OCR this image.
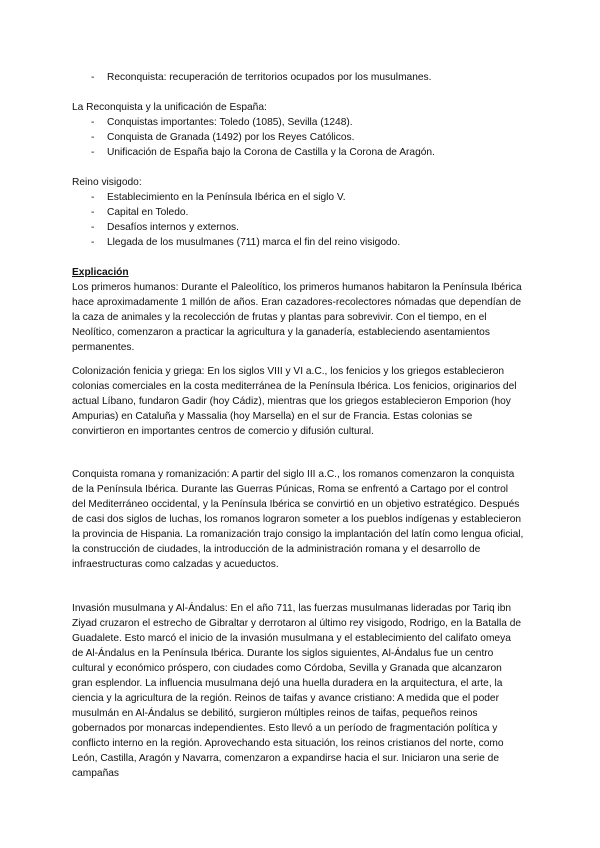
- Reconquista: recuperación de territorios ocupados por los musulmanes.

La Reconquista y la unificación de España:

- Conquistas importantes: Toledo (1085), Sevilla (1248).
- Conquista de Granada (1492) por los Reyes Católicos.
- Unificación de España bajo la Corona de Castilla y la Corona de Aragón.

Reino visigodo:

- Establecimiento en la Península Ibérica en el siglo V.
- Capital en Toledo.
- Desafíos internos y externos.
- Llegada de los musulmanes (711) marca el fin del reino visigodo.

Explicación

Los primeros humanos: Durante el Paleolítico, los primeros humanos habitaron la Península Ibérica hace aproximadamente 1 millón de años. Eran cazadores-recolectores nómadas que dependían de la caza de animales y la recolección de frutas y plantas para sobrevivir. Con el tiempo, en el Neolítico, comenzaron a practicar la agricultura y la ganadería, estableciendo asentamientos permanentes.

Colonización fenicia y griega: En los siglos VIII y VI a.C., los fenicios y los griegos establecieron colonias comerciales en la costa mediterránea de la Península Ibérica. Los fenicios, originarios del actual Líbano, fundaron Gadir (hoy Cádiz), mientras que los griegos establecieron Emporion (hoy Ampurias) en Cataluña y Massalia (hoy Marsella) en el sur de Francia. Estas colonias se convirtieron en importantes centros de comercio y difusión cultural.

Conquista romana y romanización: A partir del siglo III a.C., los romanos comenzaron la conquista de la Península Ibérica. Durante las Guerras Púnicas, Roma se enfrentó a Cartago por el control del Mediterráneo occidental, y la Península Ibérica se convirtió en un objetivo estratégico. Después de casi dos siglos de luchas, los romanos lograron someter a los pueblos indígenas y establecieron la provincia de Hispania. La romanización trajo consigo la implantación del latín como lengua oficial, la construcción de ciudades, la introducción de la administración romana y el desarrollo de infraestructuras como calzadas y acueductos.

Invasión musulmana y Al-Ándalus: En el año 711, las fuerzas musulmanas lideradas por Tariq ibn Ziyad cruzaron el estrecho de Gibraltar y derrotaron al último rey visigodo, Rodrigo, en la Batalla de Guadalete. Esto marcó el inicio de la invasión musulmana y el establecimiento del califato omeya de Al-Ándalus en la Península Ibérica. Durante los siglos siguientes, Al-Ándalus fue un centro cultural y económico próspero, con ciudades como Córdoba, Sevilla y Granada que alcanzaron gran esplendor. La influencia musulmana dejó una huella duradera en la arquitectura, el arte, la ciencia y la agricultura de la región. Reinos de taifas y avance cristiano: A medida que el poder musulmán en Al-Ándalus se debilitó, surgieron múltiples reinos de taifas, pequeños reinos gobernados por monarcas independientes. Esto llevó a un período de fragmentación política y conflicto interno en la región. Aprovechando esta situación, los reinos cristianos del norte, como León, Castilla, Aragón y Navarra, comenzaron a expandirse hacia el sur. Iniciaron una serie de campañas
